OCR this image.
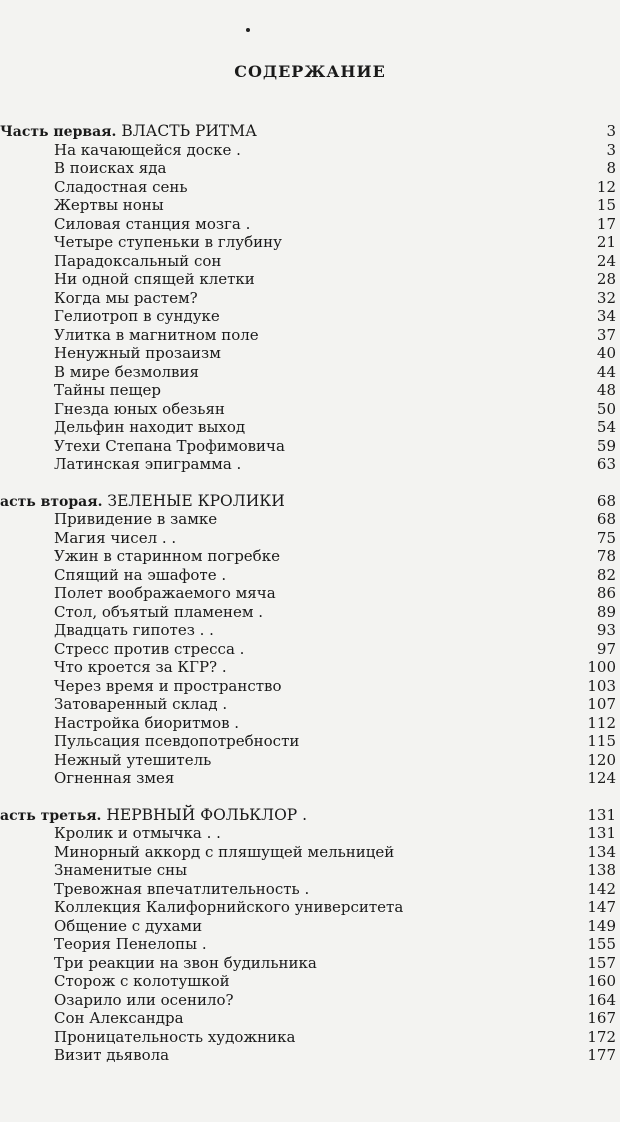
СОДЕРЖАНИЕ
Часть первая. ВЛАСТЬ РИТМА	3
На качающейся доске .	3
В поисках яда	8
Сладостная сень	12
Жертвы ноны	15
Силовая станция мозга .	17
Четыре ступеньки в глубину	21
Парадоксальный сон	24
Ни одной спящей клетки	28
Когда мы растем?	32
Гелиотроп в сундуке	34
Улитка в магнитном поле	37
Ненужный прозаизм	40
В мире безмолвия	44
Тайны пещер	48
Гнезда юных обезьян	50
Дельфин находит выход	54
Утехи Степана Трофимовича	59
Латинская эпиграмма .	63
асть вторая. ЗЕЛЕНЫЕ КРОЛИКИ	68
Привидение в замке	68
Магия чисел . .	75
Ужин в старинном погребке	78
Спящий на эшафоте .	82
Полет воображаемого мяча	86
Стол, объятый пламенем .	89
Двадцать гипотез . .	93
Стресс против стресса .	97
Что кроется за КГР? .	100
Через время и пространство	103
Затоваренный склад .	107
Настройка биоритмов .	112
Пульсация псевдопотребности	115
Нежный утешитель	120
Огненная змея	124
асть третья. НЕРВНЫЙ ФОЛЬКЛОР .	131
Кролик и отмычка . .	131
Минорный аккорд с пляшущей мельницей	134
Знаменитые сны	138
Тревожная впечатлительность .	142
Коллекция Калифорнийского университета	147
Общение с духами	149
Теория Пенелопы .	155
Три реакции на звон будильника	157
Сторож с колотушкой	160
Озарило или осенило?	164
Сон Александра	167
Проницательность художника	172
Визит дьявола	177
